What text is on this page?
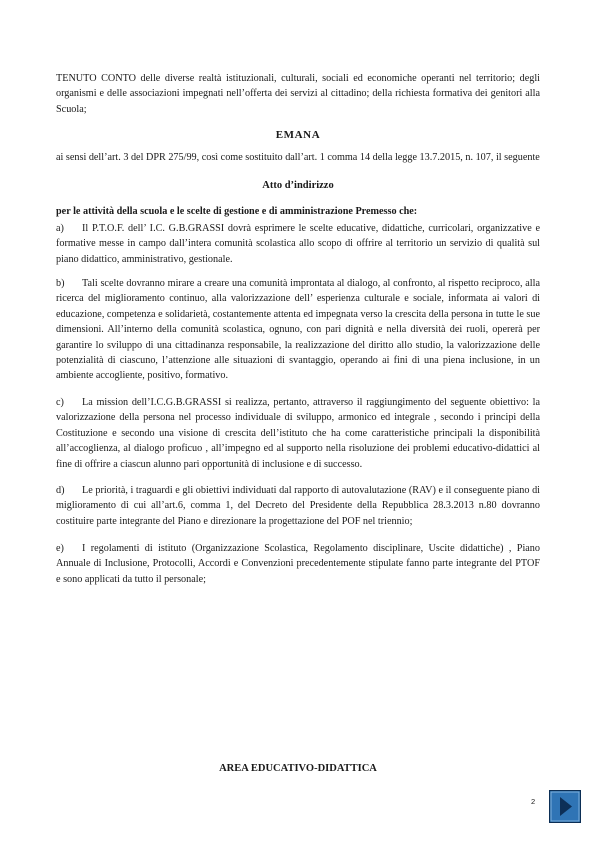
TENUTO CONTO delle diverse realtà istituzionali, culturali, sociali ed economiche operanti nel territorio; degli organismi e delle associazioni impegnati nell’offerta dei servizi al cittadino; della richiesta formativa dei genitori alla Scuola;
EMANA
ai sensi dell’art. 3 del DPR 275/99, così come sostituito dall’art. 1 comma 14 della legge 13.7.2015, n. 107, il seguente
Atto d’indirizzo
per le attività della scuola e le scelte di gestione e di amministrazione Premesso che:
a) Il P.T.O.F. dell’ I.C. G.B.GRASSI dovrà esprimere le scelte educative, didattiche, curricolari, organizzative e formative messe in campo dall’intera comunità scolastica allo scopo di offrire al territorio un servizio di qualità sul piano didattico, amministrativo, gestionale.
b) Tali scelte dovranno mirare a creare una comunità improntata al dialogo, al confronto, al rispetto reciproco, alla ricerca del miglioramento continuo, alla valorizzazione dell’ esperienza culturale e sociale, informata ai valori di educazione, competenza e solidarietà, costantemente attenta ed impegnata verso la crescita della persona in tutte le sue dimensioni. All’interno della comunità scolastica, ognuno, con pari dignità e nella diversità dei ruoli, opererà per garantire lo sviluppo di una cittadinanza responsabile, la realizzazione del diritto allo studio, la valorizzazione delle potenzialità di ciascuno, l’attenzione alle situazioni di svantaggio, operando ai fini di una piena inclusione, in un ambiente accogliente, positivo, formativo.
c) La mission dell’I.C.G.B.GRASSI si realizza, pertanto, attraverso il raggiungimento del seguente obiettivo: la valorizzazione della persona nel processo individuale di sviluppo, armonico ed integrale , secondo i principi della Costituzione e secondo una visione di crescita dell’istituto che ha come caratteristiche principali la disponibilità all’accoglienza, al dialogo proficuo , all’impegno ed al supporto nella risoluzione dei problemi educativo-didattici al fine di offrire a ciascun alunno pari opportunità di inclusione e di successo.
d) Le priorità, i traguardi e gli obiettivi individuati dal rapporto di autovalutazione (RAV) e il conseguente piano di miglioramento di cui all’art.6, comma 1, del Decreto del Presidente della Repubblica 28.3.2013 n.80 dovranno costituire parte integrante del Piano e direzionare la progettazione del POF nel triennio;
e) I regolamenti di istituto (Organizzazione Scolastica, Regolamento disciplinare, Uscite didattiche) , Piano Annuale di Inclusione, Protocolli, Accordi e Convenzioni precedentemente stipulate fanno parte integrante del PTOF e sono applicati da tutto il personale;
AREA EDUCATIVO-DIDATTICA
2
